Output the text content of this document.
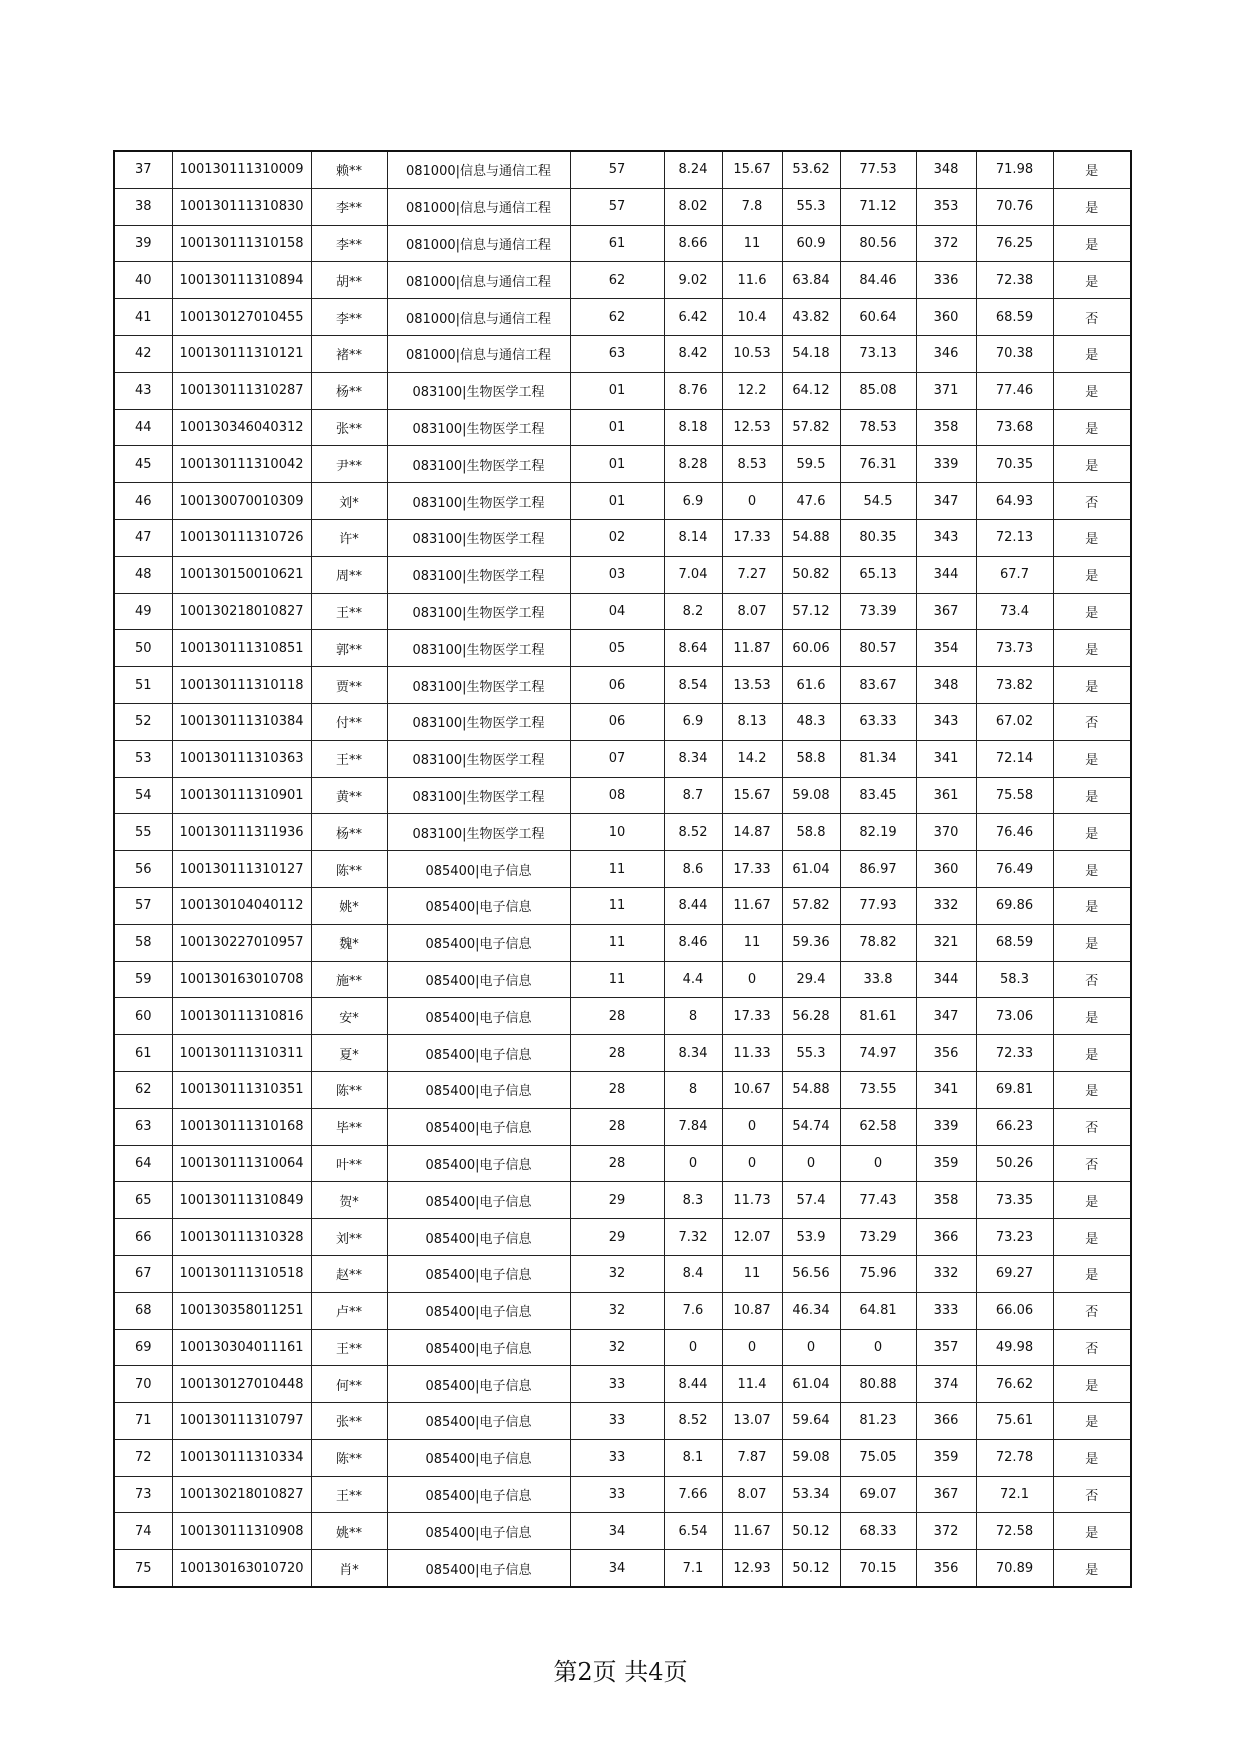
37	100130111310009	赖**	081000|信息与通信工程	57	8.24	15.67	53.62	77.53	348	71.98	是
38	100130111310830	李**	081000|信息与通信工程	57	8.02	7.8	55.3	71.12	353	70.76	是
39	100130111310158	李**	081000|信息与通信工程	61	8.66	11	60.9	80.56	372	76.25	是
40	100130111310894	胡**	081000|信息与通信工程	62	9.02	11.6	63.84	84.46	336	72.38	是
41	100130127010455	李**	081000|信息与通信工程	62	6.42	10.4	43.82	60.64	360	68.59	否
42	100130111310121	褚**	081000|信息与通信工程	63	8.42	10.53	54.18	73.13	346	70.38	是
43	100130111310287	杨**	083100|生物医学工程	01	8.76	12.2	64.12	85.08	371	77.46	是
44	100130346040312	张**	083100|生物医学工程	01	8.18	12.53	57.82	78.53	358	73.68	是
45	100130111310042	尹**	083100|生物医学工程	01	8.28	8.53	59.5	76.31	339	70.35	是
46	100130070010309	刘*	083100|生物医学工程	01	6.9	0	47.6	54.5	347	64.93	否
47	100130111310726	许*	083100|生物医学工程	02	8.14	17.33	54.88	80.35	343	72.13	是
48	100130150010621	周**	083100|生物医学工程	03	7.04	7.27	50.82	65.13	344	67.7	是
49	100130218010827	王**	083100|生物医学工程	04	8.2	8.07	57.12	73.39	367	73.4	是
50	100130111310851	郭**	083100|生物医学工程	05	8.64	11.87	60.06	80.57	354	73.73	是
51	100130111310118	贾**	083100|生物医学工程	06	8.54	13.53	61.6	83.67	348	73.82	是
52	100130111310384	付**	083100|生物医学工程	06	6.9	8.13	48.3	63.33	343	67.02	否
53	100130111310363	王**	083100|生物医学工程	07	8.34	14.2	58.8	81.34	341	72.14	是
54	100130111310901	黄**	083100|生物医学工程	08	8.7	15.67	59.08	83.45	361	75.58	是
55	100130111311936	杨**	083100|生物医学工程	10	8.52	14.87	58.8	82.19	370	76.46	是
56	100130111310127	陈**	085400|电子信息	11	8.6	17.33	61.04	86.97	360	76.49	是
57	100130104040112	姚*	085400|电子信息	11	8.44	11.67	57.82	77.93	332	69.86	是
58	100130227010957	魏*	085400|电子信息	11	8.46	11	59.36	78.82	321	68.59	是
59	100130163010708	施**	085400|电子信息	11	4.4	0	29.4	33.8	344	58.3	否
60	100130111310816	安*	085400|电子信息	28	8	17.33	56.28	81.61	347	73.06	是
61	100130111310311	夏*	085400|电子信息	28	8.34	11.33	55.3	74.97	356	72.33	是
62	100130111310351	陈**	085400|电子信息	28	8	10.67	54.88	73.55	341	69.81	是
63	100130111310168	毕**	085400|电子信息	28	7.84	0	54.74	62.58	339	66.23	否
64	100130111310064	叶**	085400|电子信息	28	0	0	0	0	359	50.26	否
65	100130111310849	贺*	085400|电子信息	29	8.3	11.73	57.4	77.43	358	73.35	是
66	100130111310328	刘**	085400|电子信息	29	7.32	12.07	53.9	73.29	366	73.23	是
67	100130111310518	赵**	085400|电子信息	32	8.4	11	56.56	75.96	332	69.27	是
68	100130358011251	卢**	085400|电子信息	32	7.6	10.87	46.34	64.81	333	66.06	否
69	100130304011161	王**	085400|电子信息	32	0	0	0	0	357	49.98	否
70	100130127010448	何**	085400|电子信息	33	8.44	11.4	61.04	80.88	374	76.62	是
71	100130111310797	张**	085400|电子信息	33	8.52	13.07	59.64	81.23	366	75.61	是
72	100130111310334	陈**	085400|电子信息	33	8.1	7.87	59.08	75.05	359	72.78	是
73	100130218010827	王**	085400|电子信息	33	7.66	8.07	53.34	69.07	367	72.1	否
74	100130111310908	姚**	085400|电子信息	34	6.54	11.67	50.12	68.33	372	72.58	是
75	100130163010720	肖*	085400|电子信息	34	7.1	12.93	50.12	70.15	356	70.89	是
第2页 共4页
